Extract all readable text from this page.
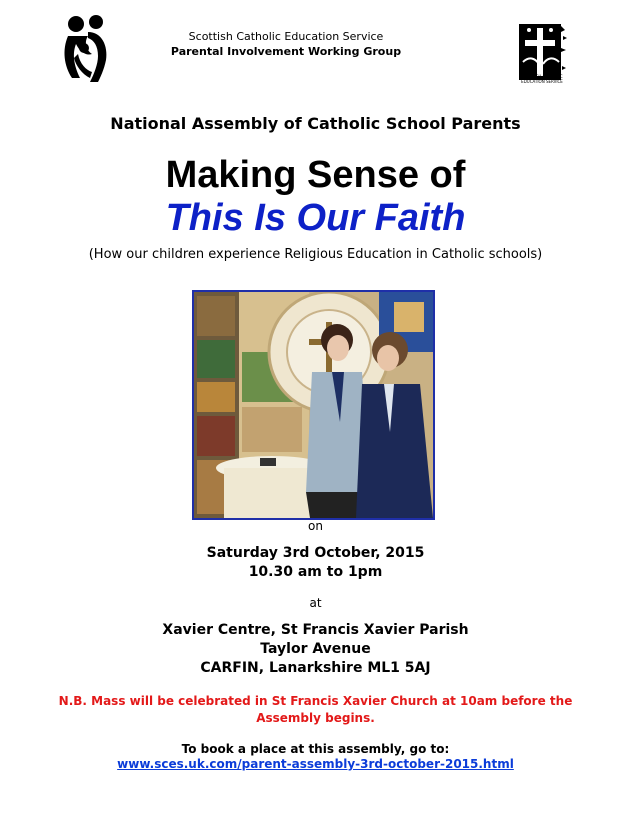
Scottish Catholic Education Service
Parental Involvement Working Group
SCOTTISH CATHOLIC EDUCATION SERVICE
National Assembly of Catholic School Parents
Making Sense of
This Is Our Faith
(How our children experience Religious Education in Catholic schools)
on
Saturday 3rd October, 2015
10.30 am to 1pm
at
Xavier Centre, St Francis Xavier Parish
Taylor Avenue
CARFIN, Lanarkshire ML1 5AJ
N.B. Mass will be celebrated in St Francis Xavier Church at 10am before the
Assembly begins.
To book a place at this assembly, go to:
www.sces.uk.com/parent-assembly-3rd-october-2015.html
